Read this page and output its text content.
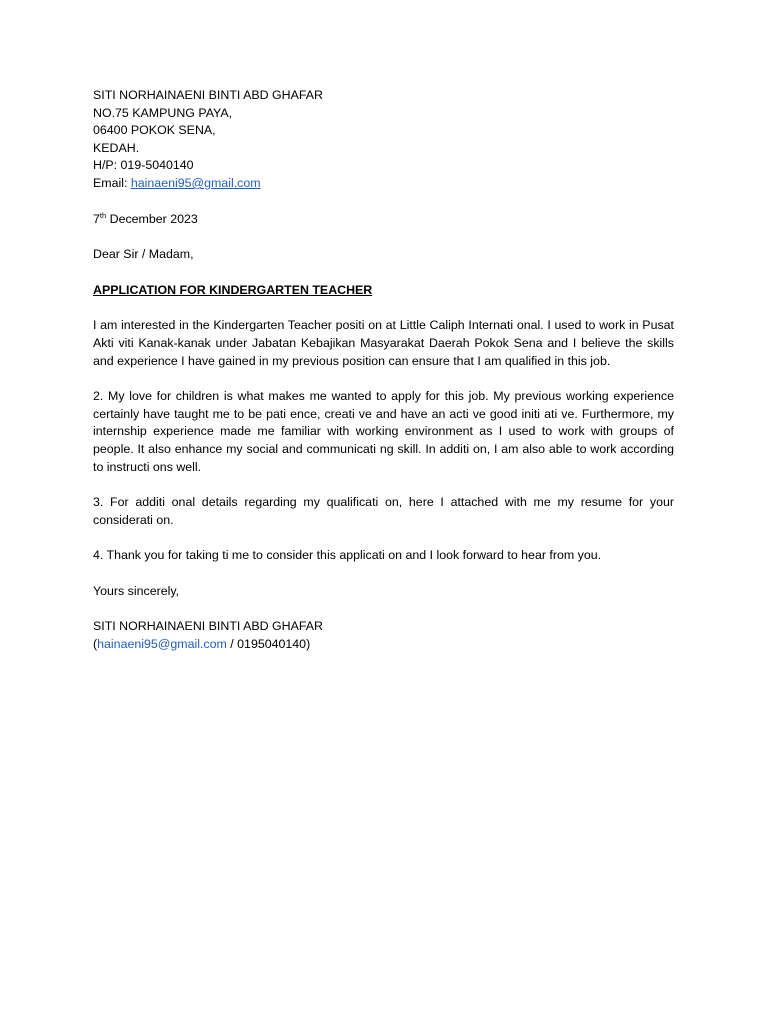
SITI NORHAINAENI BINTI ABD GHAFAR
NO.75 KAMPUNG PAYA,
06400 POKOK SENA,
KEDAH.
H/P: 019-5040140
Email: hainaeni95@gmail.com
7th December 2023
Dear Sir / Madam,
APPLICATION FOR KINDERGARTEN TEACHER

I am interested in the Kindergarten Teacher positi on at Little Caliph Internati onal. I used to work in Pusat Akti viti Kanak-kanak under Jabatan Kebajikan Masyarakat Daerah Pokok Sena and I believe the skills and experience I have gained in my previous position can ensure that I am qualified in this job.

2. My love for children is what makes me wanted to apply for this job. My previous working experience certainly have taught me to be pati ence, creati ve and have an acti ve good initi ati ve. Furthermore, my internship experience made me familiar with working environment as I used to work with groups of people. It also enhance my social and communicati ng skill. In additi on, I am also able to work according to instructi ons well.

3. For additi onal details regarding my qualificati on, here I attached with me my resume for your considerati on.

4. Thank you for taking ti me to consider this applicati on and I look forward to hear from you.

Yours sincerely,
SITI NORHAINAENI BINTI ABD GHAFAR
(hainaeni95@gmail.com / 0195040140)
